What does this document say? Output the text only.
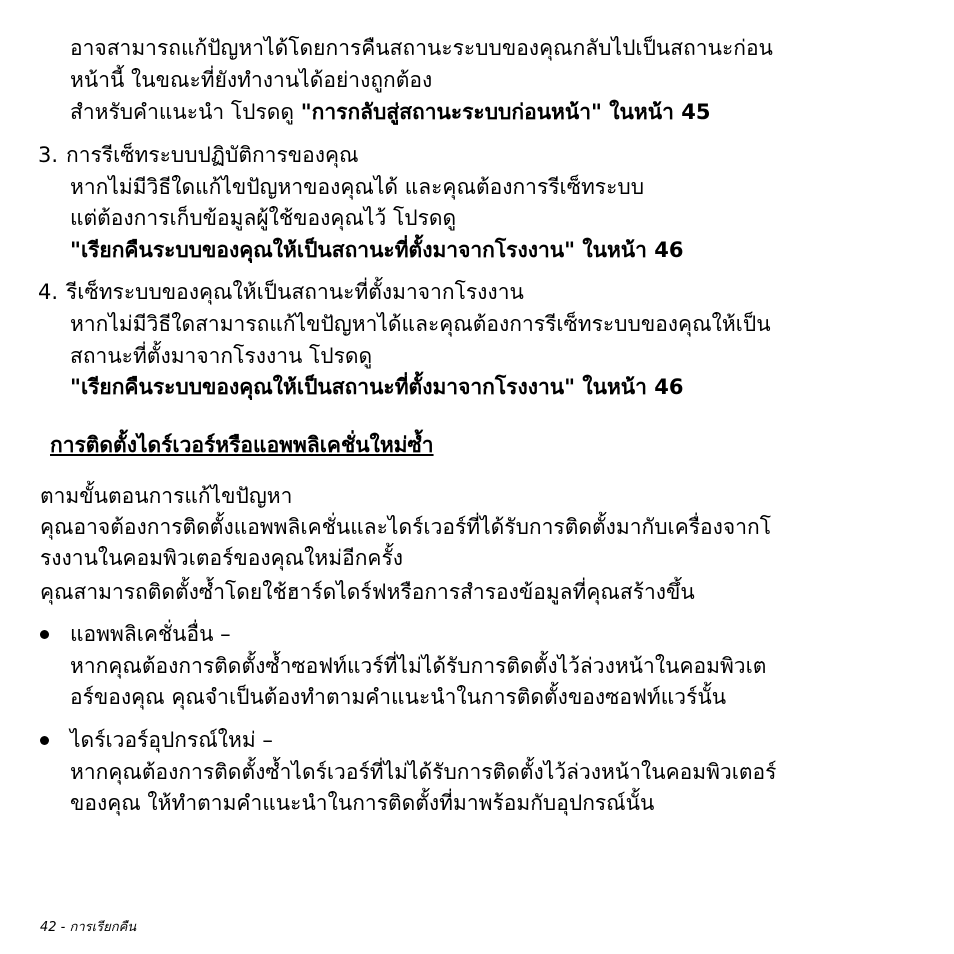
อาจสามารถแก้ปัญหาได้โดยการคืนสถานะระบบของคุณกลับไปเป็นสถานะก่อน
หน้านี้ ในขณะที่ยังทำงานได้อย่างถูกต้อง
สำหรับคำแนะนำ โปรดดู "การกลับสู่สถานะระบบก่อนหน้า" ในหน้า 45
3. การรีเซ็ทระบบปฏิบัติการของคุณ
หากไม่มีวิธีใดแก้ไขปัญหาของคุณได้ และคุณต้องการรีเซ็ทระบบ
แต่ต้องการเก็บข้อมูลผู้ใช้ของคุณไว้ โปรดดู
"เรียกคืนระบบของคุณให้เป็นสถานะที่ตั้งมาจากโรงงาน" ในหน้า 46
4. รีเซ็ทระบบของคุณให้เป็นสถานะที่ตั้งมาจากโรงงาน
หากไม่มีวิธีใดสามารถแก้ไขปัญหาได้และคุณต้องการรีเซ็ทระบบของคุณให้เป็น
สถานะที่ตั้งมาจากโรงงาน โปรดดู
"เรียกคืนระบบของคุณให้เป็นสถานะที่ตั้งมาจากโรงงาน" ในหน้า 46
การติดตั้งไดร์เวอร์หรือแอพพลิเคชั่นใหม่ซ้ำ
ตามขั้นตอนการแก้ไขปัญหา
คุณอาจต้องการติดตั้งแอพพลิเคชั่นและไดร์เวอร์ที่ได้รับการติดตั้งมากับเครื่องจากโ
รงงานในคอมพิวเตอร์ของคุณใหม่อีกครั้ง
คุณสามารถติดตั้งซ้ำโดยใช้ฮาร์ดไดร์ฟหรือการสำรองข้อมูลที่คุณสร้างขึ้น
แอพพลิเคชั่นอื่น –
หากคุณต้องการติดตั้งซ้ำซอฟท์แวร์ที่ไม่ได้รับการติดตั้งไว้ล่วงหน้าในคอมพิวเต
อร์ของคุณ คุณจำเป็นต้องทำตามคำแนะนำในการติดตั้งของซอฟท์แวร์นั้น
ไดร์เวอร์อุปกรณ์ใหม่ –
หากคุณต้องการติดตั้งซ้ำไดร์เวอร์ที่ไม่ได้รับการติดตั้งไว้ล่วงหน้าในคอมพิวเตอร์
ของคุณ ให้ทำตามคำแนะนำในการติดตั้งที่มาพร้อมกับอุปกรณ์นั้น
42 - การเรียกคืน
